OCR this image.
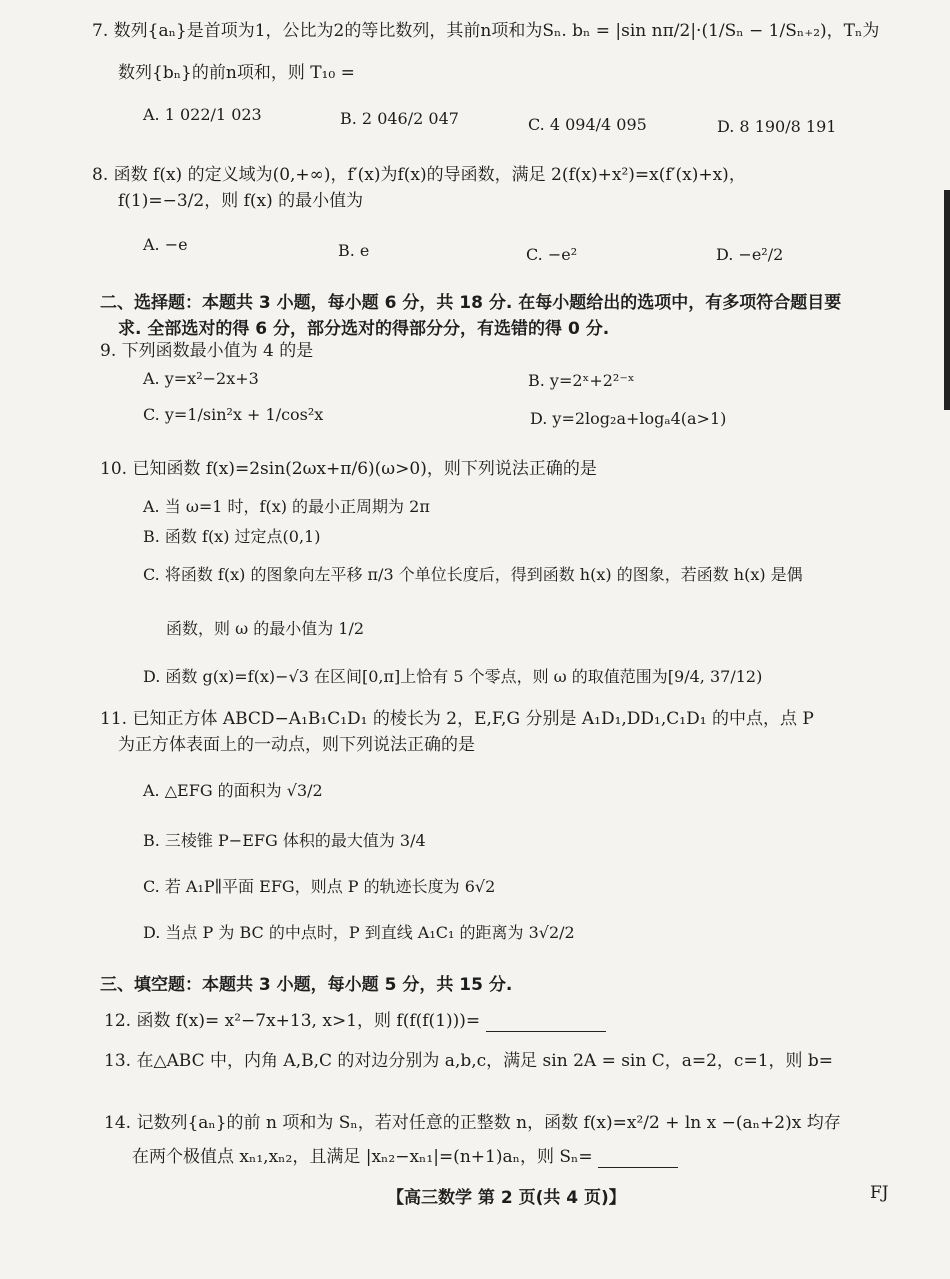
7. 数列{aₙ}是首项为1，公比为2的等比数列，其前n项和为Sₙ. bₙ = |sin nπ/2|·(1/Sₙ − 1/Sₙ₊₂)，Tₙ为
数列{bₙ}的前n项和，则 T₁₀ =
A. 1 022/1 023	B. 2 046/2 047	C. 4 094/4 095	D. 8 190/8 191
8. 函数 f(x) 的定义域为(0,+∞)，f′(x)为f(x)的导函数，满足 2(f(x)+x²)=x(f′(x)+x)，
f(1)=−3/2，则 f(x) 的最小值为
A. −e	B. e	C. −e²	D. −e²/2
二、选择题：本题共 3 小题，每小题 6 分，共 18 分. 在每小题给出的选项中，有多项符合题目要
求. 全部选对的得 6 分，部分选对的得部分分，有选错的得 0 分.
9. 下列函数最小值为 4 的是
A. y=x²−2x+3	B. y=2ˣ+2²⁻ˣ
C. y=1/sin²x + 1/cos²x	D. y=2log₂a+logₐ4(a>1)
10. 已知函数 f(x)=2sin(2ωx+π/6)(ω>0)，则下列说法正确的是
A. 当 ω=1 时，f(x) 的最小正周期为 2π
B. 函数 f(x) 过定点(0,1)
C. 将函数 f(x) 的图象向左平移 π/3 个单位长度后，得到函数 h(x) 的图象，若函数 h(x) 是偶
函数，则 ω 的最小值为 1/2
D. 函数 g(x)=f(x)−√3 在区间[0,π]上恰有 5 个零点，则 ω 的取值范围为[9/4, 37/12)
11. 已知正方体 ABCD−A₁B₁C₁D₁ 的棱长为 2，E,F,G 分别是 A₁D₁,DD₁,C₁D₁ 的中点，点 P
为正方体表面上的一动点，则下列说法正确的是
A. △EFG 的面积为 √3/2
B. 三棱锥 P−EFG 体积的最大值为 3/4
C. 若 A₁P∥平面 EFG，则点 P 的轨迹长度为 6√2
D. 当点 P 为 BC 的中点时，P 到直线 A₁C₁ 的距离为 3√2/2
三、填空题：本题共 3 小题，每小题 5 分，共 15 分.
12. 函数 f(x)= x²−7x+13, x>1，则 f(f(f(1)))=
13. 在△ABC 中，内角 A,B,C 的对边分别为 a,b,c，满足 sin 2A = sin C，a=2，c=1，则 b=
14. 记数列{aₙ}的前 n 项和为 Sₙ，若对任意的正整数 n，函数 f(x)=x²/2 + ln x −(aₙ+2)x 均存
在两个极值点 xₙ₁,xₙ₂，且满足 |xₙ₂−xₙ₁|=(n+1)aₙ，则 Sₙ=
【高三数学 第 2 页(共 4 页)】	FJ
